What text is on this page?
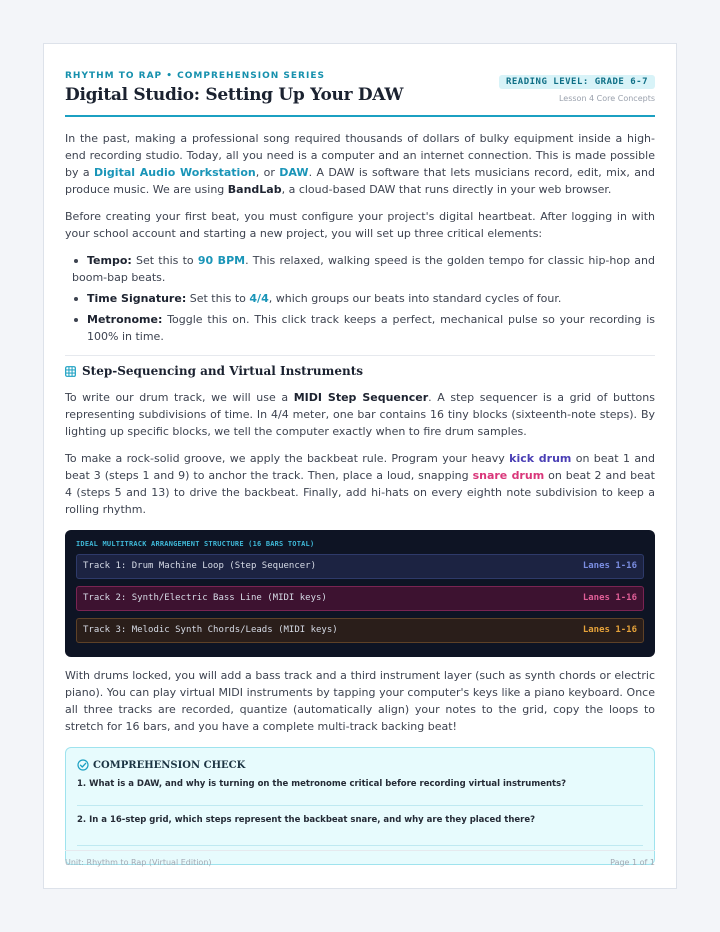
RHYTHM TO RAP • COMPREHENSION SERIES
Digital Studio: Setting Up Your DAW
READING LEVEL: GRADE 6-7
Lesson 4 Core Concepts

In the past, making a professional song required thousands of dollars of bulky equipment inside a high-end recording studio. Today, all you need is a computer and an internet connection. This is made possible by a Digital Audio Workstation, or DAW. A DAW is software that lets musicians record, edit, mix, and produce music. We are using BandLab, a cloud-based DAW that runs directly in your web browser.

Before creating your first beat, you must configure your project's digital heartbeat. After logging in with your school account and starting a new project, you will set up three critical elements:

Tempo: Set this to 90 BPM. This relaxed, walking speed is the golden tempo for classic hip-hop and boom-bap beats.
Time Signature: Set this to 4/4, which groups our beats into standard cycles of four.
Metronome: Toggle this on. This click track keeps a perfect, mechanical pulse so your recording is 100% in time.
Step-Sequencing and Virtual Instruments

To write our drum track, we will use a MIDI Step Sequencer. A step sequencer is a grid of buttons representing subdivisions of time. In 4/4 meter, one bar contains 16 tiny blocks (sixteenth-note steps). By lighting up specific blocks, we tell the computer exactly when to fire drum samples.

To make a rock-solid groove, we apply the backbeat rule. Program your heavy kick drum on beat 1 and beat 3 (steps 1 and 9) to anchor the track. Then, place a loud, snapping snare drum on beat 2 and beat 4 (steps 5 and 13) to drive the backbeat. Finally, add hi-hats on every eighth note subdivision to keep a rolling rhythm.

IDEAL MULTITRACK ARRANGEMENT STRUCTURE (16 BARS TOTAL)
Track 1: Drum Machine Loop (Step Sequencer)	Lanes 1-16
Track 2: Synth/Electric Bass Line (MIDI keys)	Lanes 1-16
Track 3: Melodic Synth Chords/Leads (MIDI keys)	Lanes 1-16

With drums locked, you will add a bass track and a third instrument layer (such as synth chords or electric piano). You can play virtual MIDI instruments by tapping your computer's keys like a piano keyboard. Once all three tracks are recorded, quantize (automatically align) your notes to the grid, copy the loops to stretch for 16 bars, and you have a complete multi-track backing beat!

COMPREHENSION CHECK
1. What is a DAW, and why is turning on the metronome critical before recording virtual instruments?
2. In a 16-step grid, which steps represent the backbeat snare, and why are they placed there?
Unit: Rhythm to Rap (Virtual Edition)	Page 1 of 1
